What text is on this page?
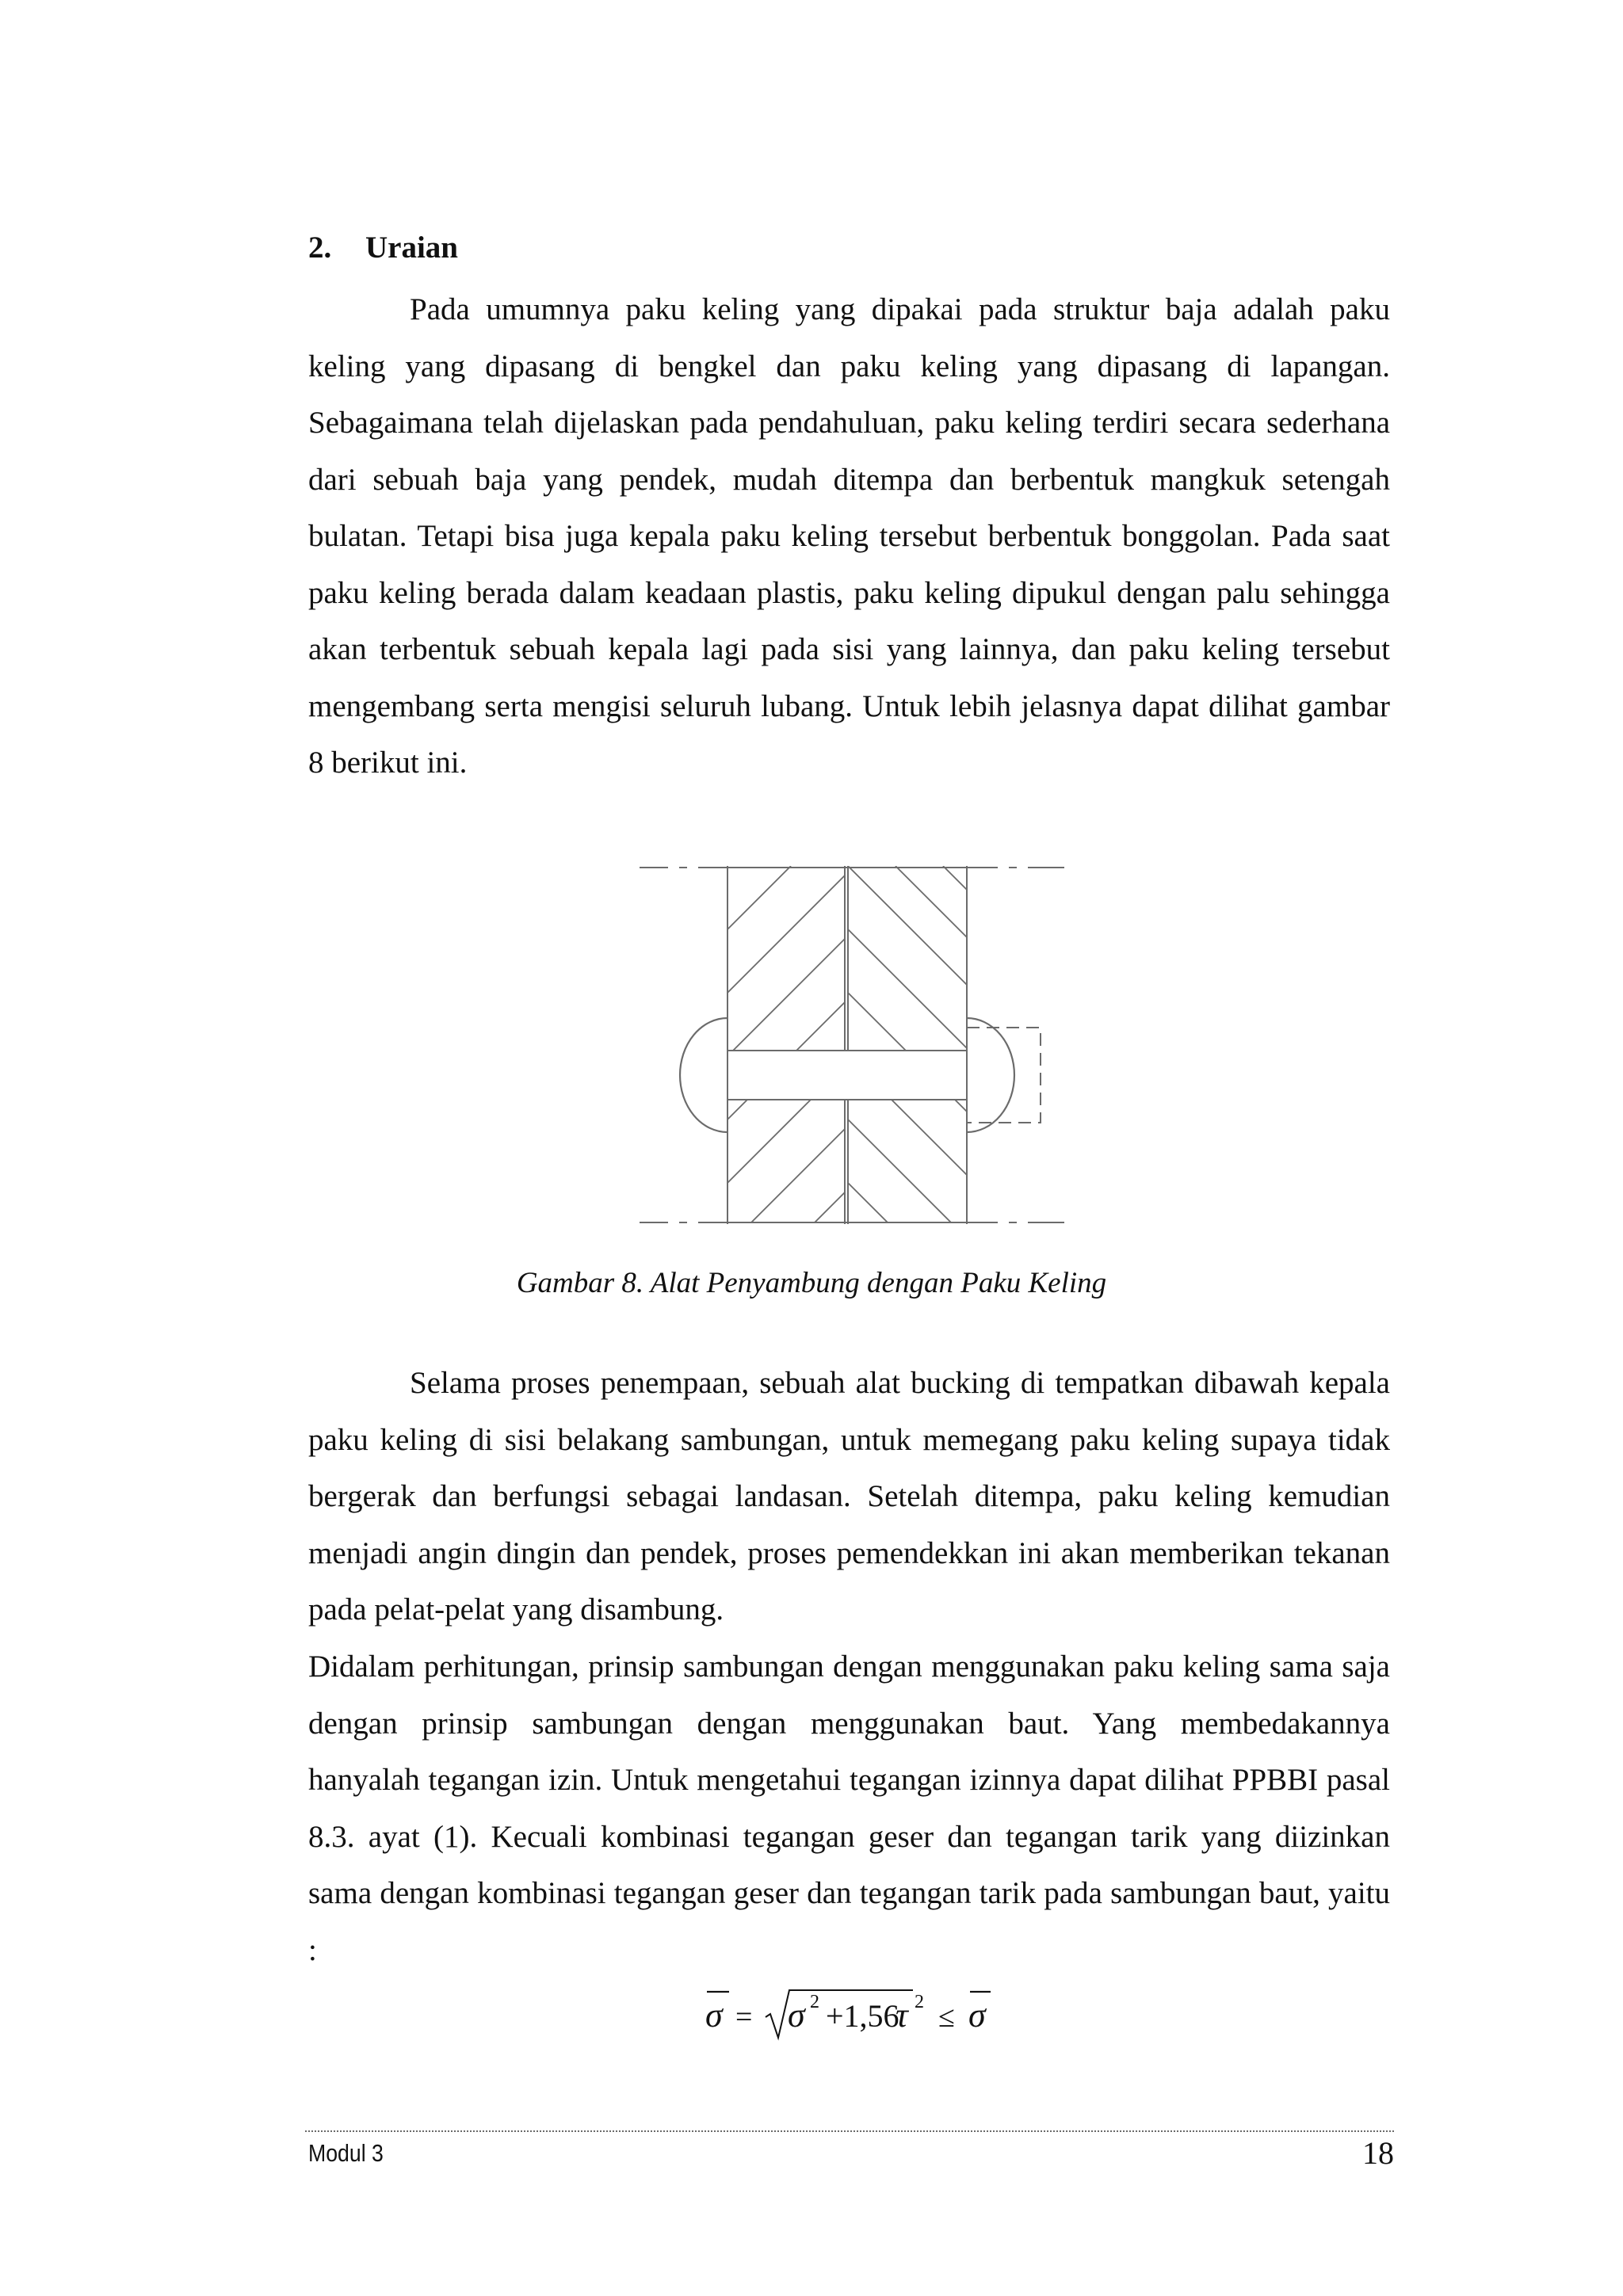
2. Uraian

Pada umumnya paku keling yang dipakai pada struktur baja adalah paku keling yang dipasang di bengkel dan paku keling yang dipasang di lapangan. Sebagaimana telah dijelaskan pada pendahuluan, paku keling terdiri secara sederhana dari sebuah baja yang pendek, mudah ditempa dan berbentuk mangkuk setengah bulatan. Tetapi bisa juga kepala paku keling tersebut berbentuk bonggolan. Pada saat paku keling berada dalam keadaan plastis, paku keling dipukul dengan palu sehingga akan terbentuk sebuah kepala lagi pada sisi yang lainnya, dan paku keling tersebut mengembang serta mengisi seluruh lubang. Untuk lebih jelasnya dapat dilihat gambar 8 berikut ini.

Gambar 8. Alat Penyambung dengan Paku Keling

Selama proses penempaan, sebuah alat bucking di tempatkan dibawah kepala paku keling di sisi belakang sambungan, untuk memegang paku keling supaya tidak bergerak dan berfungsi sebagai landasan. Setelah ditempa, paku keling kemudian menjadi angin dingin dan pendek, proses pemendekkan ini akan memberikan tekanan pada pelat-pelat yang disambung.

Didalam perhitungan, prinsip sambungan dengan menggunakan paku keling sama saja dengan prinsip sambungan dengan menggunakan baut. Yang membedakannya hanyalah tegangan izin. Untuk mengetahui tegangan izinnya dapat dilihat PPBBI pasal 8.3. ayat (1). Kecuali kombinasi tegangan geser dan tegangan tarik yang diizinkan sama dengan kombinasi tegangan geser dan tegangan tarik pada sambungan baut, yaitu :

σ = σ 2 +1,56
τ 2 ≤ σ
Modul 3	18
